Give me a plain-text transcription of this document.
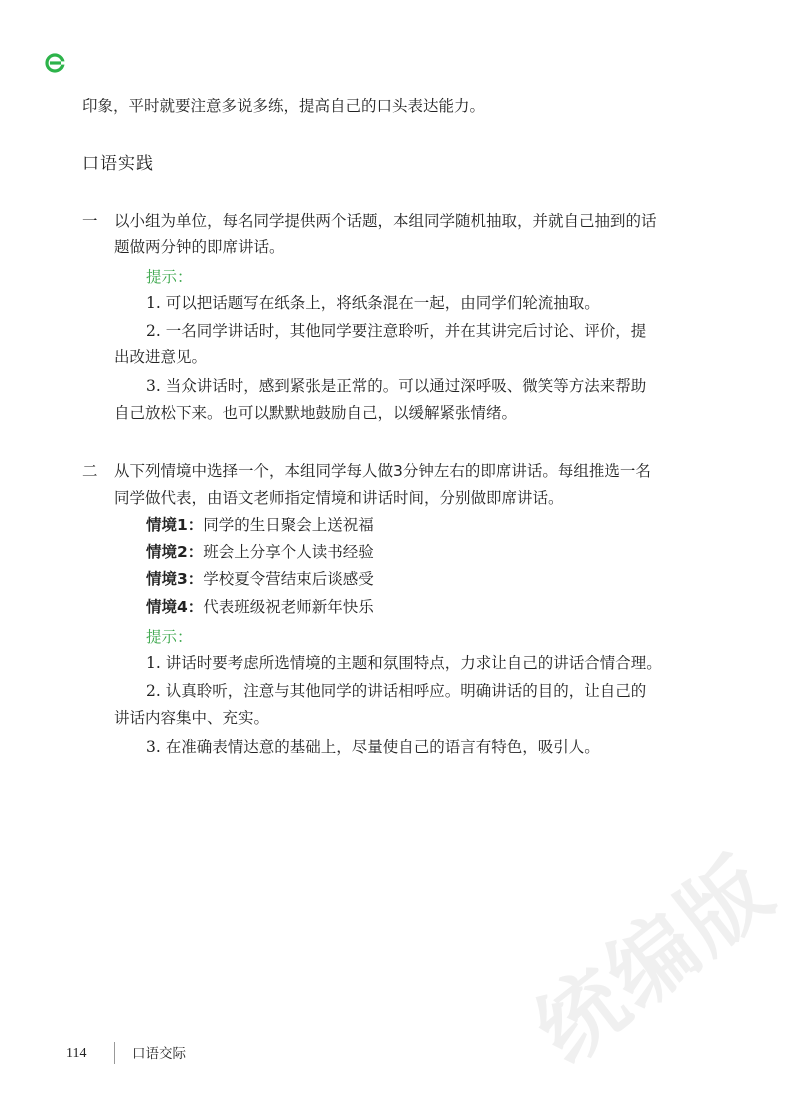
印象，平时就要注意多说多练，提高自己的口头表达能力。
口语实践
一 以小组为单位，每名同学提供两个话题，本组同学随机抽取，并就自己抽到的话
题做两分钟的即席讲话。
提示：
1. 可以把话题写在纸条上，将纸条混在一起，由同学们轮流抽取。
2. 一名同学讲话时，其他同学要注意聆听，并在其讲完后讨论、评价，提
出改进意见。
3. 当众讲话时，感到紧张是正常的。可以通过深呼吸、微笑等方法来帮助
自己放松下来。也可以默默地鼓励自己，以缓解紧张情绪。
二 从下列情境中选择一个，本组同学每人做3分钟左右的即席讲话。每组推选一名
同学做代表，由语文老师指定情境和讲话时间，分别做即席讲话。
情境1：同学的生日聚会上送祝福
情境2：班会上分享个人读书经验
情境3：学校夏令营结束后谈感受
情境4：代表班级祝老师新年快乐
提示：
1. 讲话时要考虑所选情境的主题和氛围特点，力求让自己的讲话合情合理。
2. 认真聆听，注意与其他同学的讲话相呼应。明确讲话的目的，让自己的
讲话内容集中、充实。
3. 在准确表情达意的基础上，尽量使自己的语言有特色，吸引人。
统编版
114	口语交际
